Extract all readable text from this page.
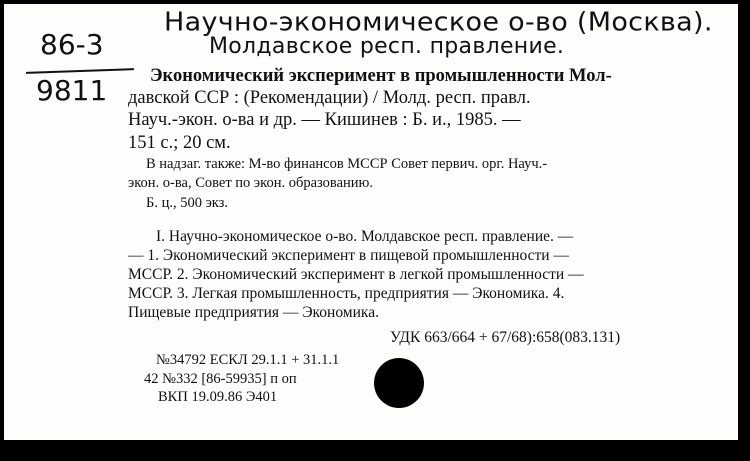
Научно-экономическое о-во (Москва).
Молдавское респ. правление.
86-3
9811 Экономический эксперимент в промышленности Мол-
давской ССР : (Рекомендации) / Молд. респ. правл.
Науч.-экон. о-ва и др. — Кишинев : Б. и., 1985. —
151 с.; 20 см.
В надзаг. также: М-во финансов МССР Совет первич. орг. Науч.-
экон. о-ва, Совет по экон. образованию.
Б. ц., 500 экз.
I. Научно-экономическое о-во. Молдавское респ. правление. —
— 1. Экономический эксперимент в пищевой промышленности —
МССР. 2. Экономический эксперимент в легкой промышленности —
МССР. 3. Легкая промышленность, предприятия — Экономика. 4.
Пищевые предприятия — Экономика.
УДК 663/664 + 67/68):658(083.131)
№34792 ЕСКЛ 29.1.1 + 31.1.1
42 №332 [86-59935] п оп
ВКП 19.09.86 Э401
